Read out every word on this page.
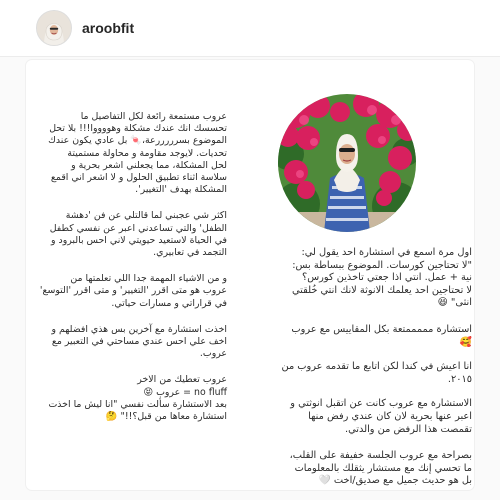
aroobfit

عروب مستمعة رائعة لكل التفاصيل ما
تحسسك انك عندك مشكلة وهووووا!!! بلا تحل
الموضوع بسرررررعة،🍬 بل عادي يكون عندك
تحديات. لايوجد مقاومة و محاولة مستميتة
لحل المشكلة، مما يجعلني اشعر بحرية و
سلاسة اثناء تطبيق الحلول و لا اشعر اني اقمع
المشكلة بهدف 'التغيير'.

اكثر شي عجبني لما قالتلي عن فن 'دهشة
الطفل' والتي تساعدني اعبر عن نفسي كطفل
في الحياة لاستعيد حيويتي لاني احس بالبرود و
التجمد في تعابيري.

و من الاشياء المهمة جدا اللي تعلمتها من
عروب هو متى اقرر 'التغيير' و متى اقرر 'التوسع'
في قراراتي و مسارات حياتي.

اخذت استشارة مع آخرين بس هذي افضلهم و
اخف علي احس عندي مساحتي في التعبير مع
عروب.

عروب تعطيك من الاخر
no fluff = عروب 😝
بعد الاستشارة سألت نفسي "انا ليش ما اخذت
استشارة معاها من قبل؟!!" 🤔

اول مرة اسمع في استشارة احد يقول لي:
"لا تحتاجين كورسات. الموضوع ببساطة بس:
نية + عمل. انتي اذا جعتي تاخذين كورس؟
لا تحتاجين احد يعلمك الانوثة لانك انتي خُلقتي
انثى" 😆

استشارة مممممتعة بكل المقاييس مع عروب
🥰

انا اعيش في كندا لكن اتابع ما تقدمه عروب من
٢٠١٥.

الاستشارة مع عروب كانت عن اتقبل انوثتي و
اعبر عنها بحرية لان كان عندي رفض منها
تقمصت هذا الرفض من والدتي.

بصراحة مع عروب الجلسة خفيفة على القلب،
ما تحسي إنك مع مستشار يثقلك بالمعلومات
بل هو حديث جميل مع صديق/اخت 🤍
